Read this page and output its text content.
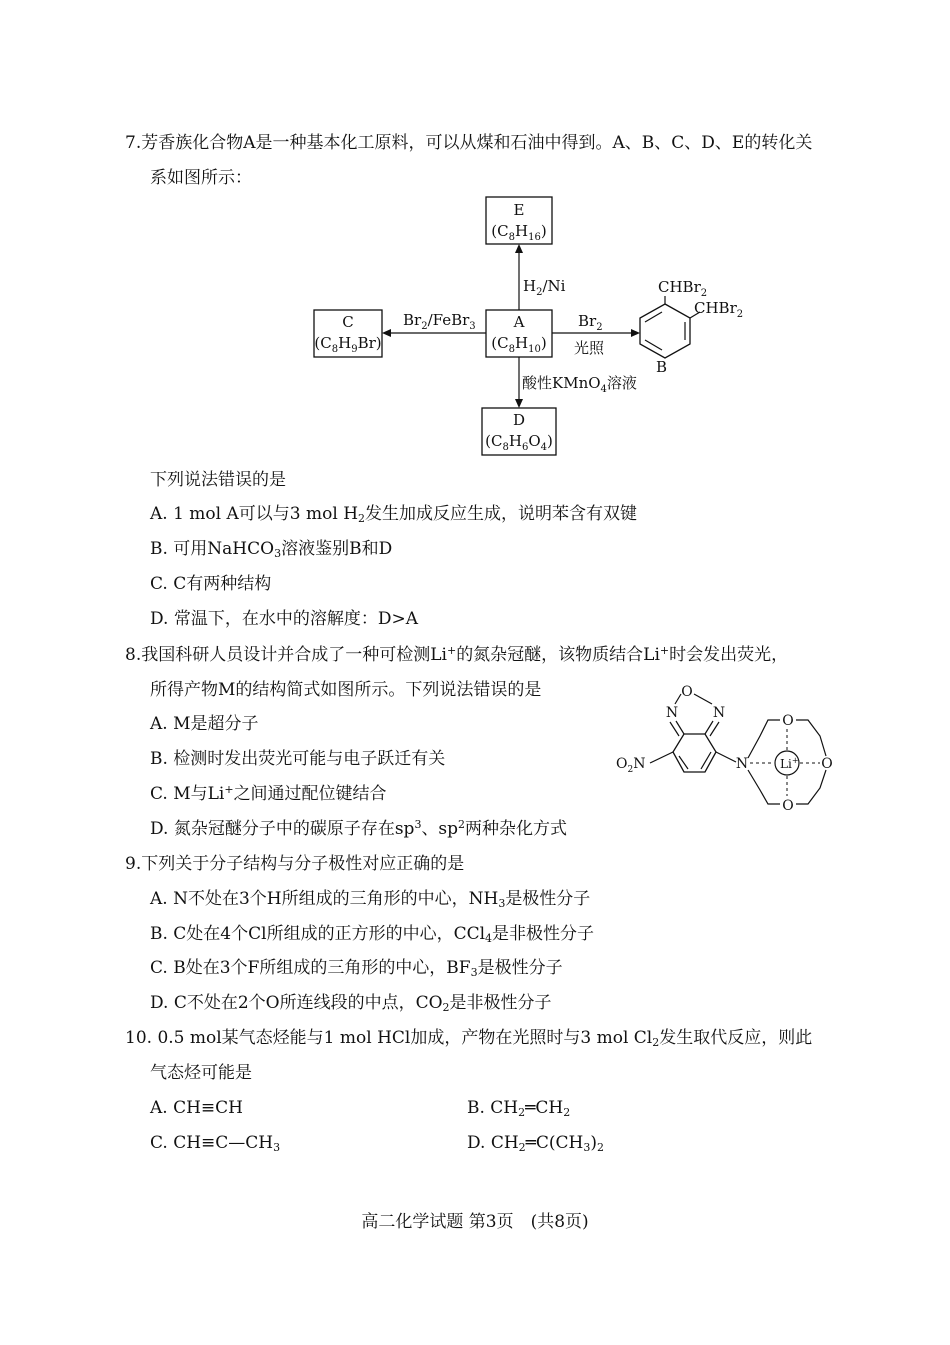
7.芳香族化合物A是一种基本化工原料，可以从煤和石油中得到。A、B、C、D、E的转化关
系如图所示：
E
$(C_8H_{16})$
A
$(C_8H_{10})$
C
$(C_8H_9Br)$
D
$(C_8H_6O_4)$
$H_2/Ni$
$Br_2/FeBr_3$	$Br_2$
光照
酸性KMnO$_4$溶液
CHBr$_2$
CHBr$_2$
B
下列说法错误的是
A. 1 mol A可以与3 mol $H_2$发生加成反应生成，说明苯含有双键
B. 可用NaHCO$_3$溶液鉴别B和D
C. C有两种结构
D. 常温下，在水中的溶解度：D>A
8.我国科研人员设计并合成了一种可检测Li+的氮杂冠醚，该物质结合Li+时会发出荧光，
所得产物M的结构简式如图所示。下列说法错误的是
A. M是超分子
B. 检测时发出荧光可能与电子跃迁有关
C. M与Li+之间通过配位键结合
D. 氮杂冠醚分子中的碳原子存在$sp^3$、$sp^2$两种杂化方式
O
N N
$O_2N$	N
O
O
O
Li+
9.下列关于分子结构与分子极性对应正确的是
A. N不处在3个H所组成的三角形的中心，$NH_3$是极性分子
B. C处在4个Cl所组成的正方形的中心，CCl$_4$是非极性分子
C. B处在3个F所组成的三角形的中心，$BF_3$是极性分子
D. C不处在2个O所连线段的中点，$CO_2$是非极性分子
10. 0.5 mol某气态烃能与1 mol HCl加成，产物在光照时与3 mol $Cl_2$发生取代反应，则此
气态烃可能是
A. CH≡CH	B. $CH_2═CH_2$
C. $CH\equiv C—CH_3$	D. $CH_2═C(CH_3)_2$
高二化学试题 第3页　(共8页)
